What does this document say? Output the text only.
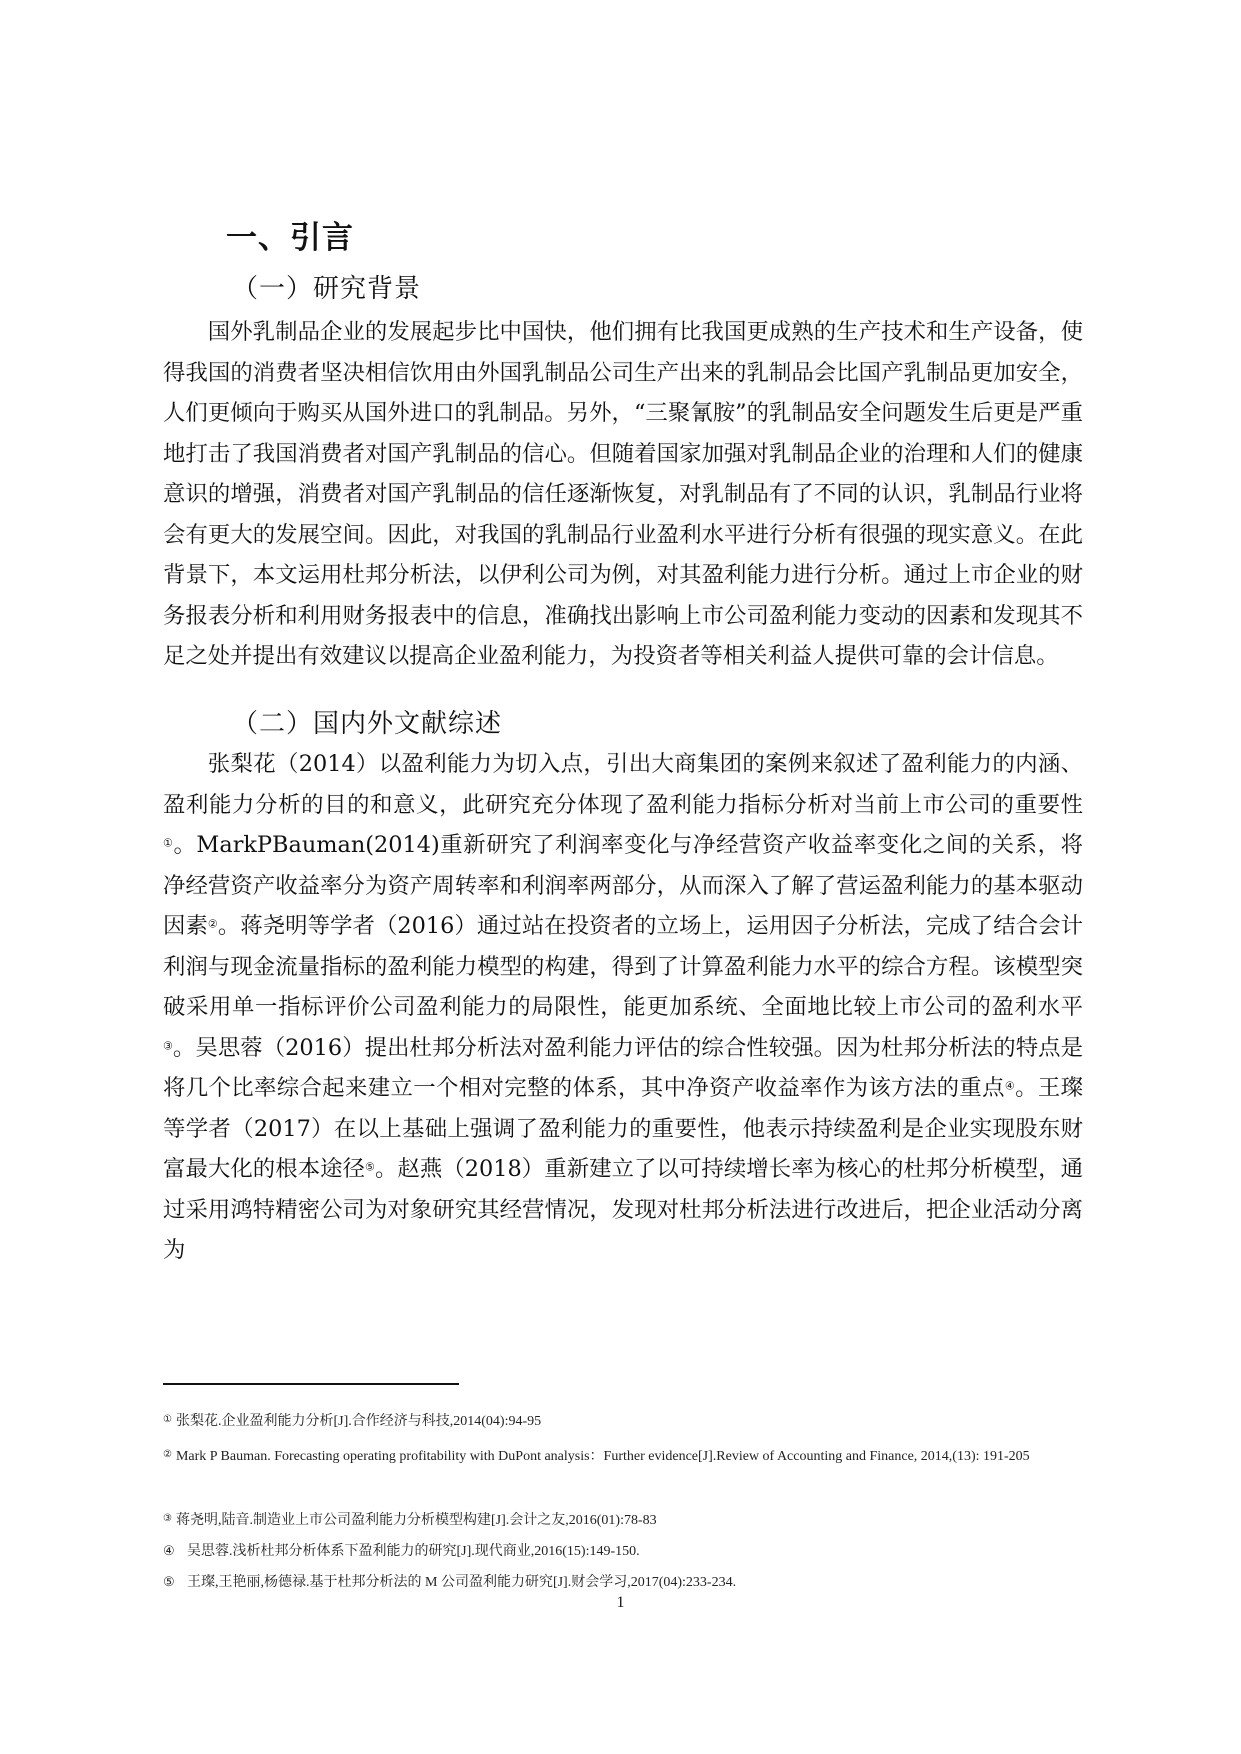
一、引言
（一）研究背景

国外乳制品企业的发展起步比中国快，他们拥有比我国更成熟的生产技术和生产设备，使得我国的消费者坚决相信饮用由外国乳制品公司生产出来的乳制品会比国产乳制品更加安全，人们更倾向于购买从国外进口的乳制品。另外，“三聚氰胺”的乳制品安全问题发生后更是严重地打击了我国消费者对国产乳制品的信心。但随着国家加强对乳制品企业的治理和人们的健康意识的增强，消费者对国产乳制品的信任逐渐恢复，对乳制品有了不同的认识，乳制品行业将会有更大的发展空间。因此，对我国的乳制品行业盈利水平进行分析有很强的现实意义。在此背景下，本文运用杜邦分析法，以伊利公司为例，对其盈利能力进行分析。通过上市企业的财务报表分析和利用财务报表中的信息，准确找出影响上市公司盈利能力变动的因素和发现其不足之处并提出有效建议以提高企业盈利能力，为投资者等相关利益人提供可靠的会计信息。

（二）国内外文献综述

张梨花（2014）以盈利能力为切入点，引出大商集团的案例来叙述了盈利能力的内涵、盈利能力分析的目的和意义，此研究充分体现了盈利能力指标分析对当前上市公司的重要性①。MarkPBauman(2014)重新研究了利润率变化与净经营资产收益率变化之间的关系，将净经营资产收益率分为资产周转率和利润率两部分，从而深入了解了营运盈利能力的基本驱动因素②。蒋尧明等学者（2016）通过站在投资者的立场上，运用因子分析法，完成了结合会计利润与现金流量指标的盈利能力模型的构建，得到了计算盈利能力水平的综合方程。该模型突破采用单一指标评价公司盈利能力的局限性，能更加系统、全面地比较上市公司的盈利水平③。吴思蓉（2016）提出杜邦分析法对盈利能力评估的综合性较强。因为杜邦分析法的特点是将几个比率综合起来建立一个相对完整的体系，其中净资产收益率作为该方法的重点④。王璨等学者（2017）在以上基础上强调了盈利能力的重要性，他表示持续盈利是企业实现股东财富最大化的根本途径⑤。赵燕（2018）重新建立了以可持续增长率为核心的杜邦分析模型，通过采用鸿特精密公司为对象研究其经营情况，发现对杜邦分析法进行改进后，把企业活动分离为

① 张梨花.企业盈利能力分析[J].合作经济与科技,2014(04):94-95
② Mark P Bauman. Forecasting operating profitability with DuPont analysis：Further evidence[J].Review of Accounting and Finance, 2014,(13): 191-205
③ 蒋尧明,陆音.制造业上市公司盈利能力分析模型构建[J].会计之友,2016(01):78-83
④ 吴思蓉.浅析杜邦分析体系下盈利能力的研究[J].现代商业,2016(15):149-150.
⑤ 王璨,王艳丽,杨德禄.基于杜邦分析法的 M 公司盈利能力研究[J].财会学习,2017(04):233-234.
1
